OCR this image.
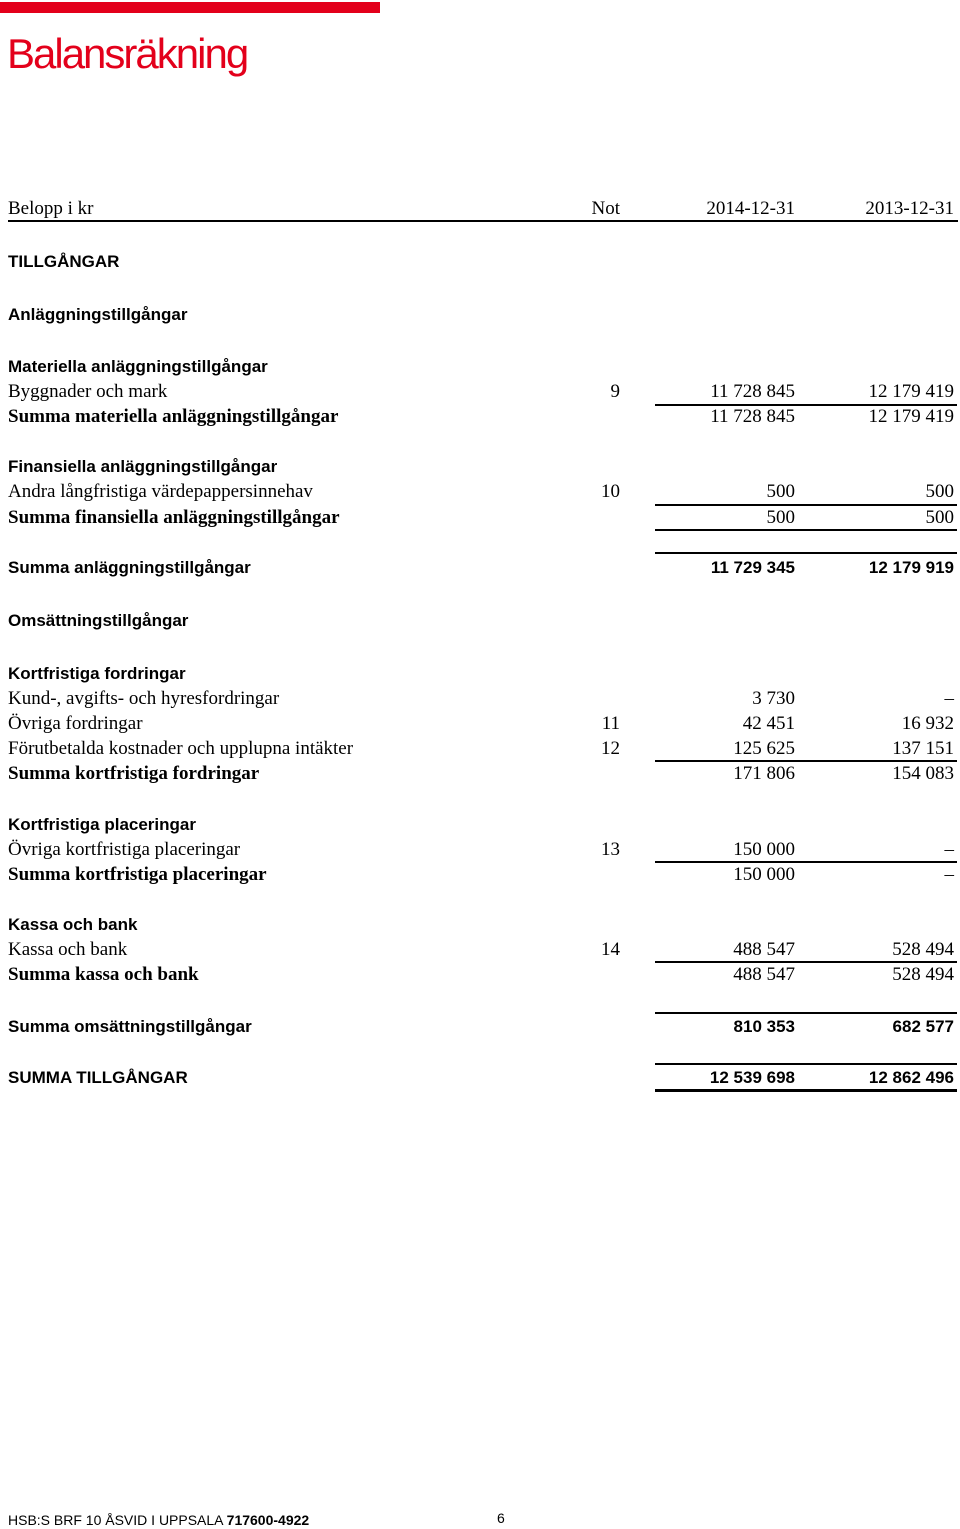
Balansräkning
Belopp i kr	Not	2014-12-31	2013-12-31
TILLGÅNGAR
Anläggningstillgångar
Materiella anläggningstillgångar
Byggnader och mark	9	11 728 845	12 179 419
Summa materiella anläggningstillgångar	11 728 845	12 179 419
Finansiella anläggningstillgångar
Andra långfristiga värdepappersinnehav	10	500	500
Summa finansiella anläggningstillgångar	500	500
Summa anläggningstillgångar	11 729 345	12 179 919
Omsättningstillgångar
Kortfristiga fordringar
Kund-, avgifts- och hyresfordringar	3 730	–
Övriga fordringar	11	42 451	16 932
Förutbetalda kostnader och upplupna intäkter	12	125 625	137 151
Summa kortfristiga fordringar	171 806	154 083
Kortfristiga placeringar
Övriga kortfristiga placeringar	13	150 000	–
Summa kortfristiga placeringar	150 000	–
Kassa och bank
Kassa och bank	14	488 547	528 494
Summa kassa och bank	488 547	528 494
Summa omsättningstillgångar	810 353	682 577
SUMMA TILLGÅNGAR	12 539 698	12 862 496
HSB:S BRF 10 ÅSVID I UPPSALA 717600-4922	6
